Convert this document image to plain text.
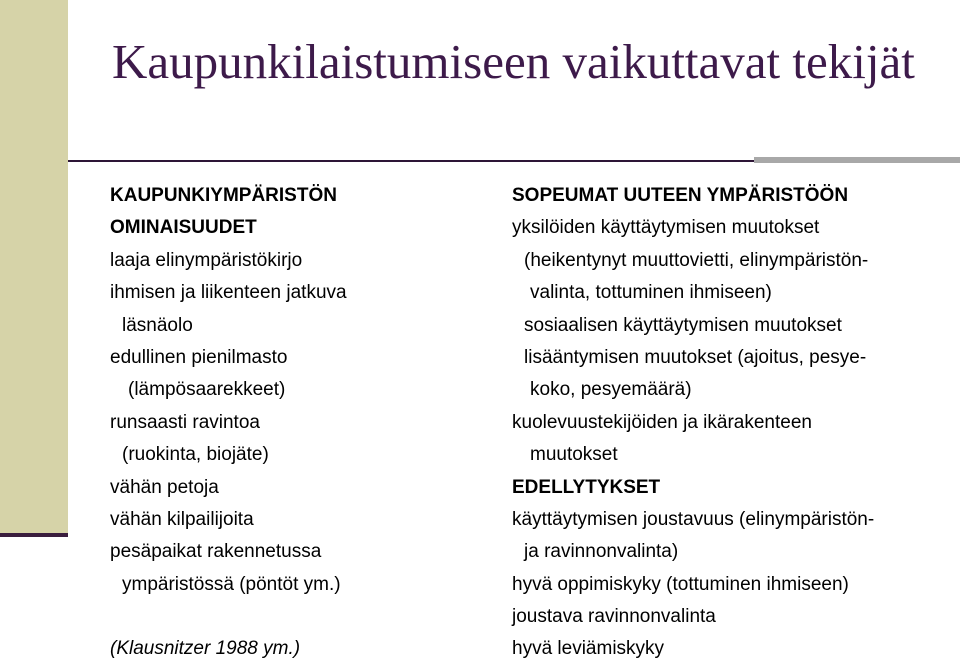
Kaupunkilaistumiseen vaikuttavat tekijät
KAUPUNKIYMPÄRISTÖN
OMINAISUUDET
laaja elinympäristökirjo
ihmisen ja liikenteen jatkuva
läsnäolo
edullinen pienilmasto
(lämpösaarekkeet)
runsaasti ravintoa
(ruokinta, biojäte)
vähän petoja
vähän kilpailijoita
pesäpaikat rakennetussa
ympäristössä (pöntöt ym.)
(Klausnitzer 1988 ym.)
SOPEUMAT UUTEEN YMPÄRISTÖÖN
yksilöiden käyttäytymisen muutokset
(heikentynyt muuttovietti, elinympäristön-
valinta, tottuminen ihmiseen)
sosiaalisen käyttäytymisen muutokset
lisääntymisen muutokset (ajoitus, pesye-
koko, pesyemäärä)
kuolevuustekijöiden ja ikärakenteen
muutokset
EDELLYTYKSET
käyttäytymisen joustavuus (elinympäristön-
ja ravinnonvalinta)
hyvä oppimiskyky (tottuminen ihmiseen)
joustava ravinnonvalinta
hyvä leviämiskyky
